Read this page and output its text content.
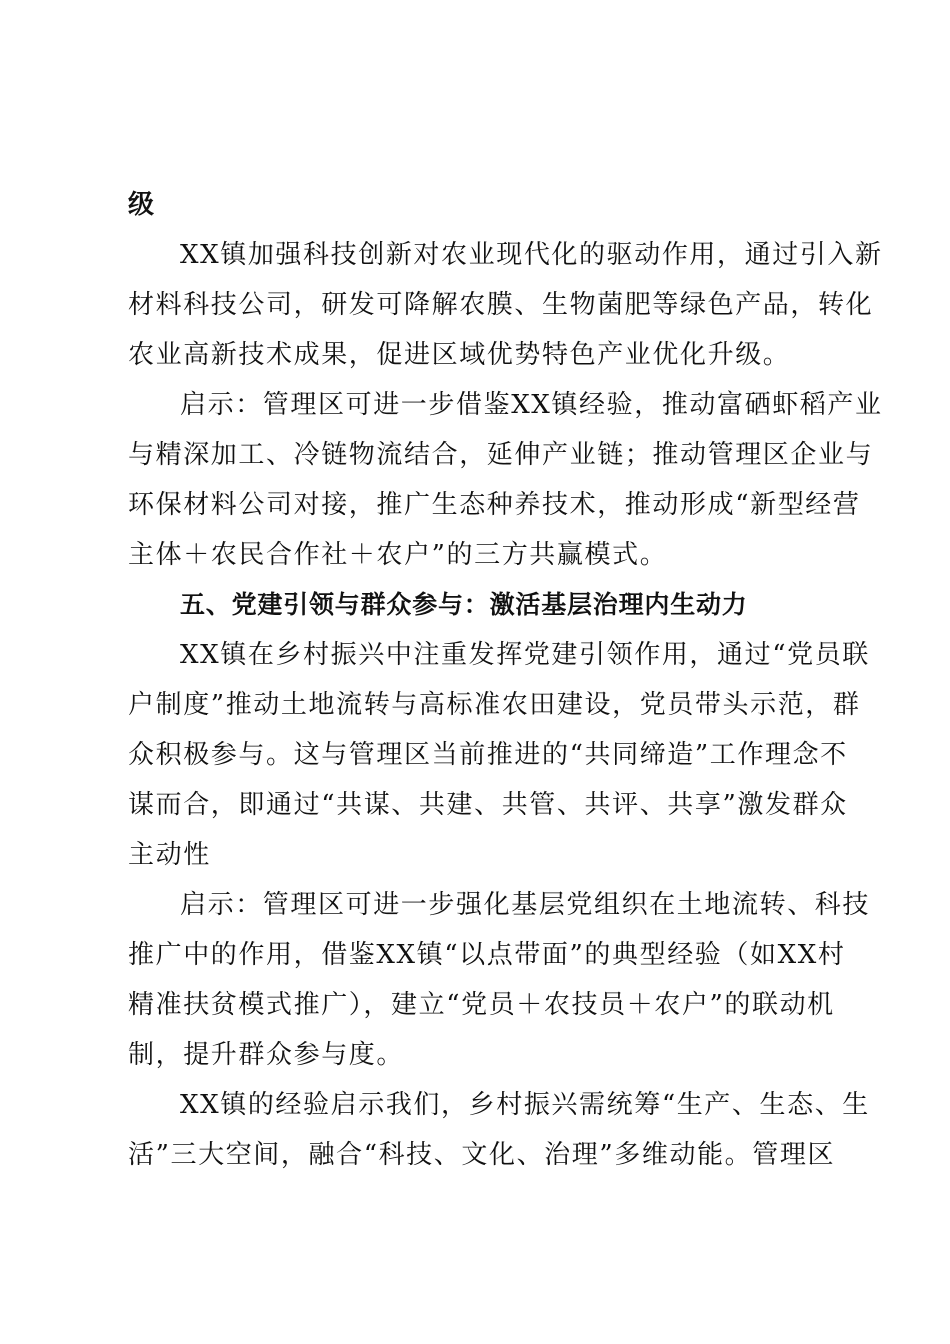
级
XX镇加强科技创新对农业现代化的驱动作用，通过引入新
材料科技公司，研发可降解农膜、生物菌肥等绿色产品，转化
农业高新技术成果，促进区域优势特色产业优化升级。
启示：管理区可进一步借鉴XX镇经验，推动富硒虾稻产业
与精深加工、冷链物流结合，延伸产业链；推动管理区企业与
环保材料公司对接，推广生态种养技术，推动形成“新型经营
主体＋农民合作社＋农户”的三方共赢模式。
五、党建引领与群众参与：激活基层治理内生动力
XX镇在乡村振兴中注重发挥党建引领作用，通过“党员联
户制度”推动土地流转与高标准农田建设，党员带头示范，群
众积极参与。这与管理区当前推进的“共同缔造”工作理念不
谋而合，即通过“共谋、共建、共管、共评、共享”激发群众
主动性
启示：管理区可进一步强化基层党组织在土地流转、科技
推广中的作用，借鉴XX镇“以点带面”的典型经验（如XX村
精准扶贫模式推广），建立“党员＋农技员＋农户”的联动机
制，提升群众参与度。
XX镇的经验启示我们，乡村振兴需统筹“生产、生态、生
活”三大空间，融合“科技、文化、治理”多维动能。管理区
